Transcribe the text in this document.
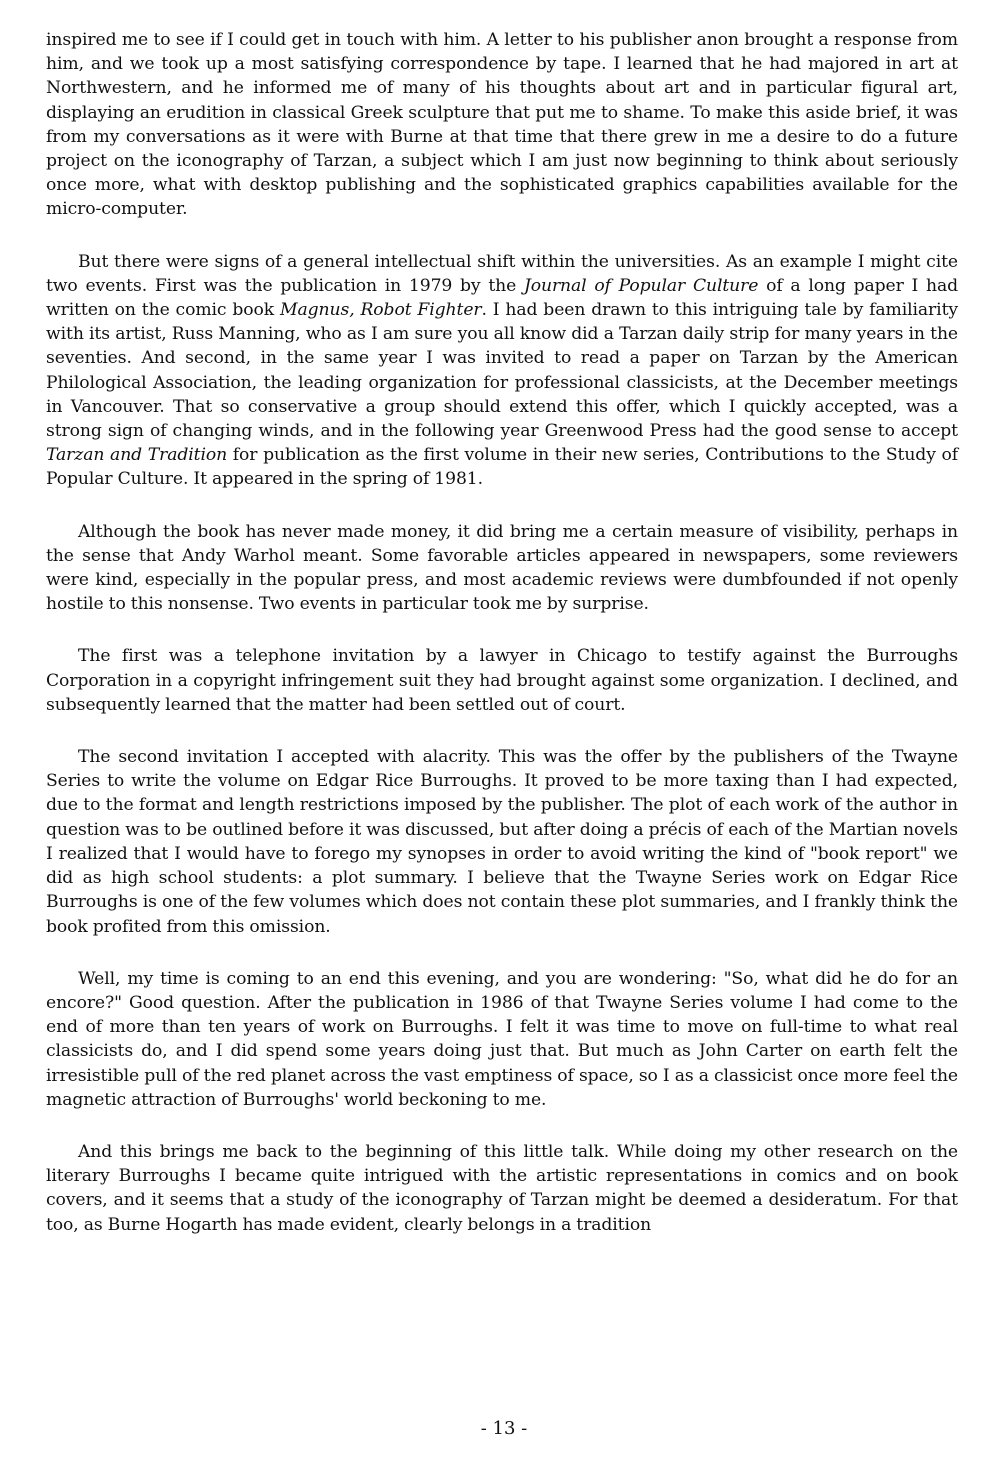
inspired me to see if I could get in touch with him. A letter to his publisher anon brought a response from him, and we took up a most satisfying correspondence by tape. I learned that he had majored in art at Northwestern, and he informed me of many of his thoughts about art and in particular figural art, displaying an erudition in classical Greek sculpture that put me to shame. To make this aside brief, it was from my conversations as it were with Burne at that time that there grew in me a desire to do a future project on the iconography of Tarzan, a subject which I am just now beginning to think about seriously once more, what with desktop publishing and the sophisticated graphics capabilities available for the micro-computer.

But there were signs of a general intellectual shift within the universities. As an example I might cite two events. First was the publication in 1979 by the Journal of Popular Culture of a long paper I had written on the comic book Magnus, Robot Fighter. I had been drawn to this intriguing tale by familiarity with its artist, Russ Manning, who as I am sure you all know did a Tarzan daily strip for many years in the seventies. And second, in the same year I was invited to read a paper on Tarzan by the American Philological Association, the leading organization for professional classicists, at the December meetings in Vancouver. That so conservative a group should extend this offer, which I quickly accepted, was a strong sign of changing winds, and in the following year Greenwood Press had the good sense to accept Tarzan and Tradition for publication as the first volume in their new series, Contributions to the Study of Popular Culture. It appeared in the spring of 1981.

Although the book has never made money, it did bring me a certain measure of visibility, perhaps in the sense that Andy Warhol meant. Some favorable articles appeared in newspapers, some reviewers were kind, especially in the popular press, and most academic reviews were dumbfounded if not openly hostile to this nonsense. Two events in particular took me by surprise.

The first was a telephone invitation by a lawyer in Chicago to testify against the Burroughs Corporation in a copyright infringement suit they had brought against some organization. I declined, and subsequently learned that the matter had been settled out of court.

The second invitation I accepted with alacrity. This was the offer by the publishers of the Twayne Series to write the volume on Edgar Rice Burroughs. It proved to be more taxing than I had expected, due to the format and length restrictions imposed by the publisher. The plot of each work of the author in question was to be outlined before it was discussed, but after doing a précis of each of the Martian novels I realized that I would have to forego my synopses in order to avoid writing the kind of "book report" we did as high school students: a plot summary. I believe that the Twayne Series work on Edgar Rice Burroughs is one of the few volumes which does not contain these plot summaries, and I frankly think the book profited from this omission.

Well, my time is coming to an end this evening, and you are wondering: "So, what did he do for an encore?" Good question. After the publication in 1986 of that Twayne Series volume I had come to the end of more than ten years of work on Burroughs. I felt it was time to move on full-time to what real classicists do, and I did spend some years doing just that. But much as John Carter on earth felt the irresistible pull of the red planet across the vast emptiness of space, so I as a classicist once more feel the magnetic attraction of Burroughs' world beckoning to me.

And this brings me back to the beginning of this little talk. While doing my other research on the literary Burroughs I became quite intrigued with the artistic representations in comics and on book covers, and it seems that a study of the iconography of Tarzan might be deemed a desideratum. For that too, as Burne Hogarth has made evident, clearly belongs in a tradition

- 13 -
